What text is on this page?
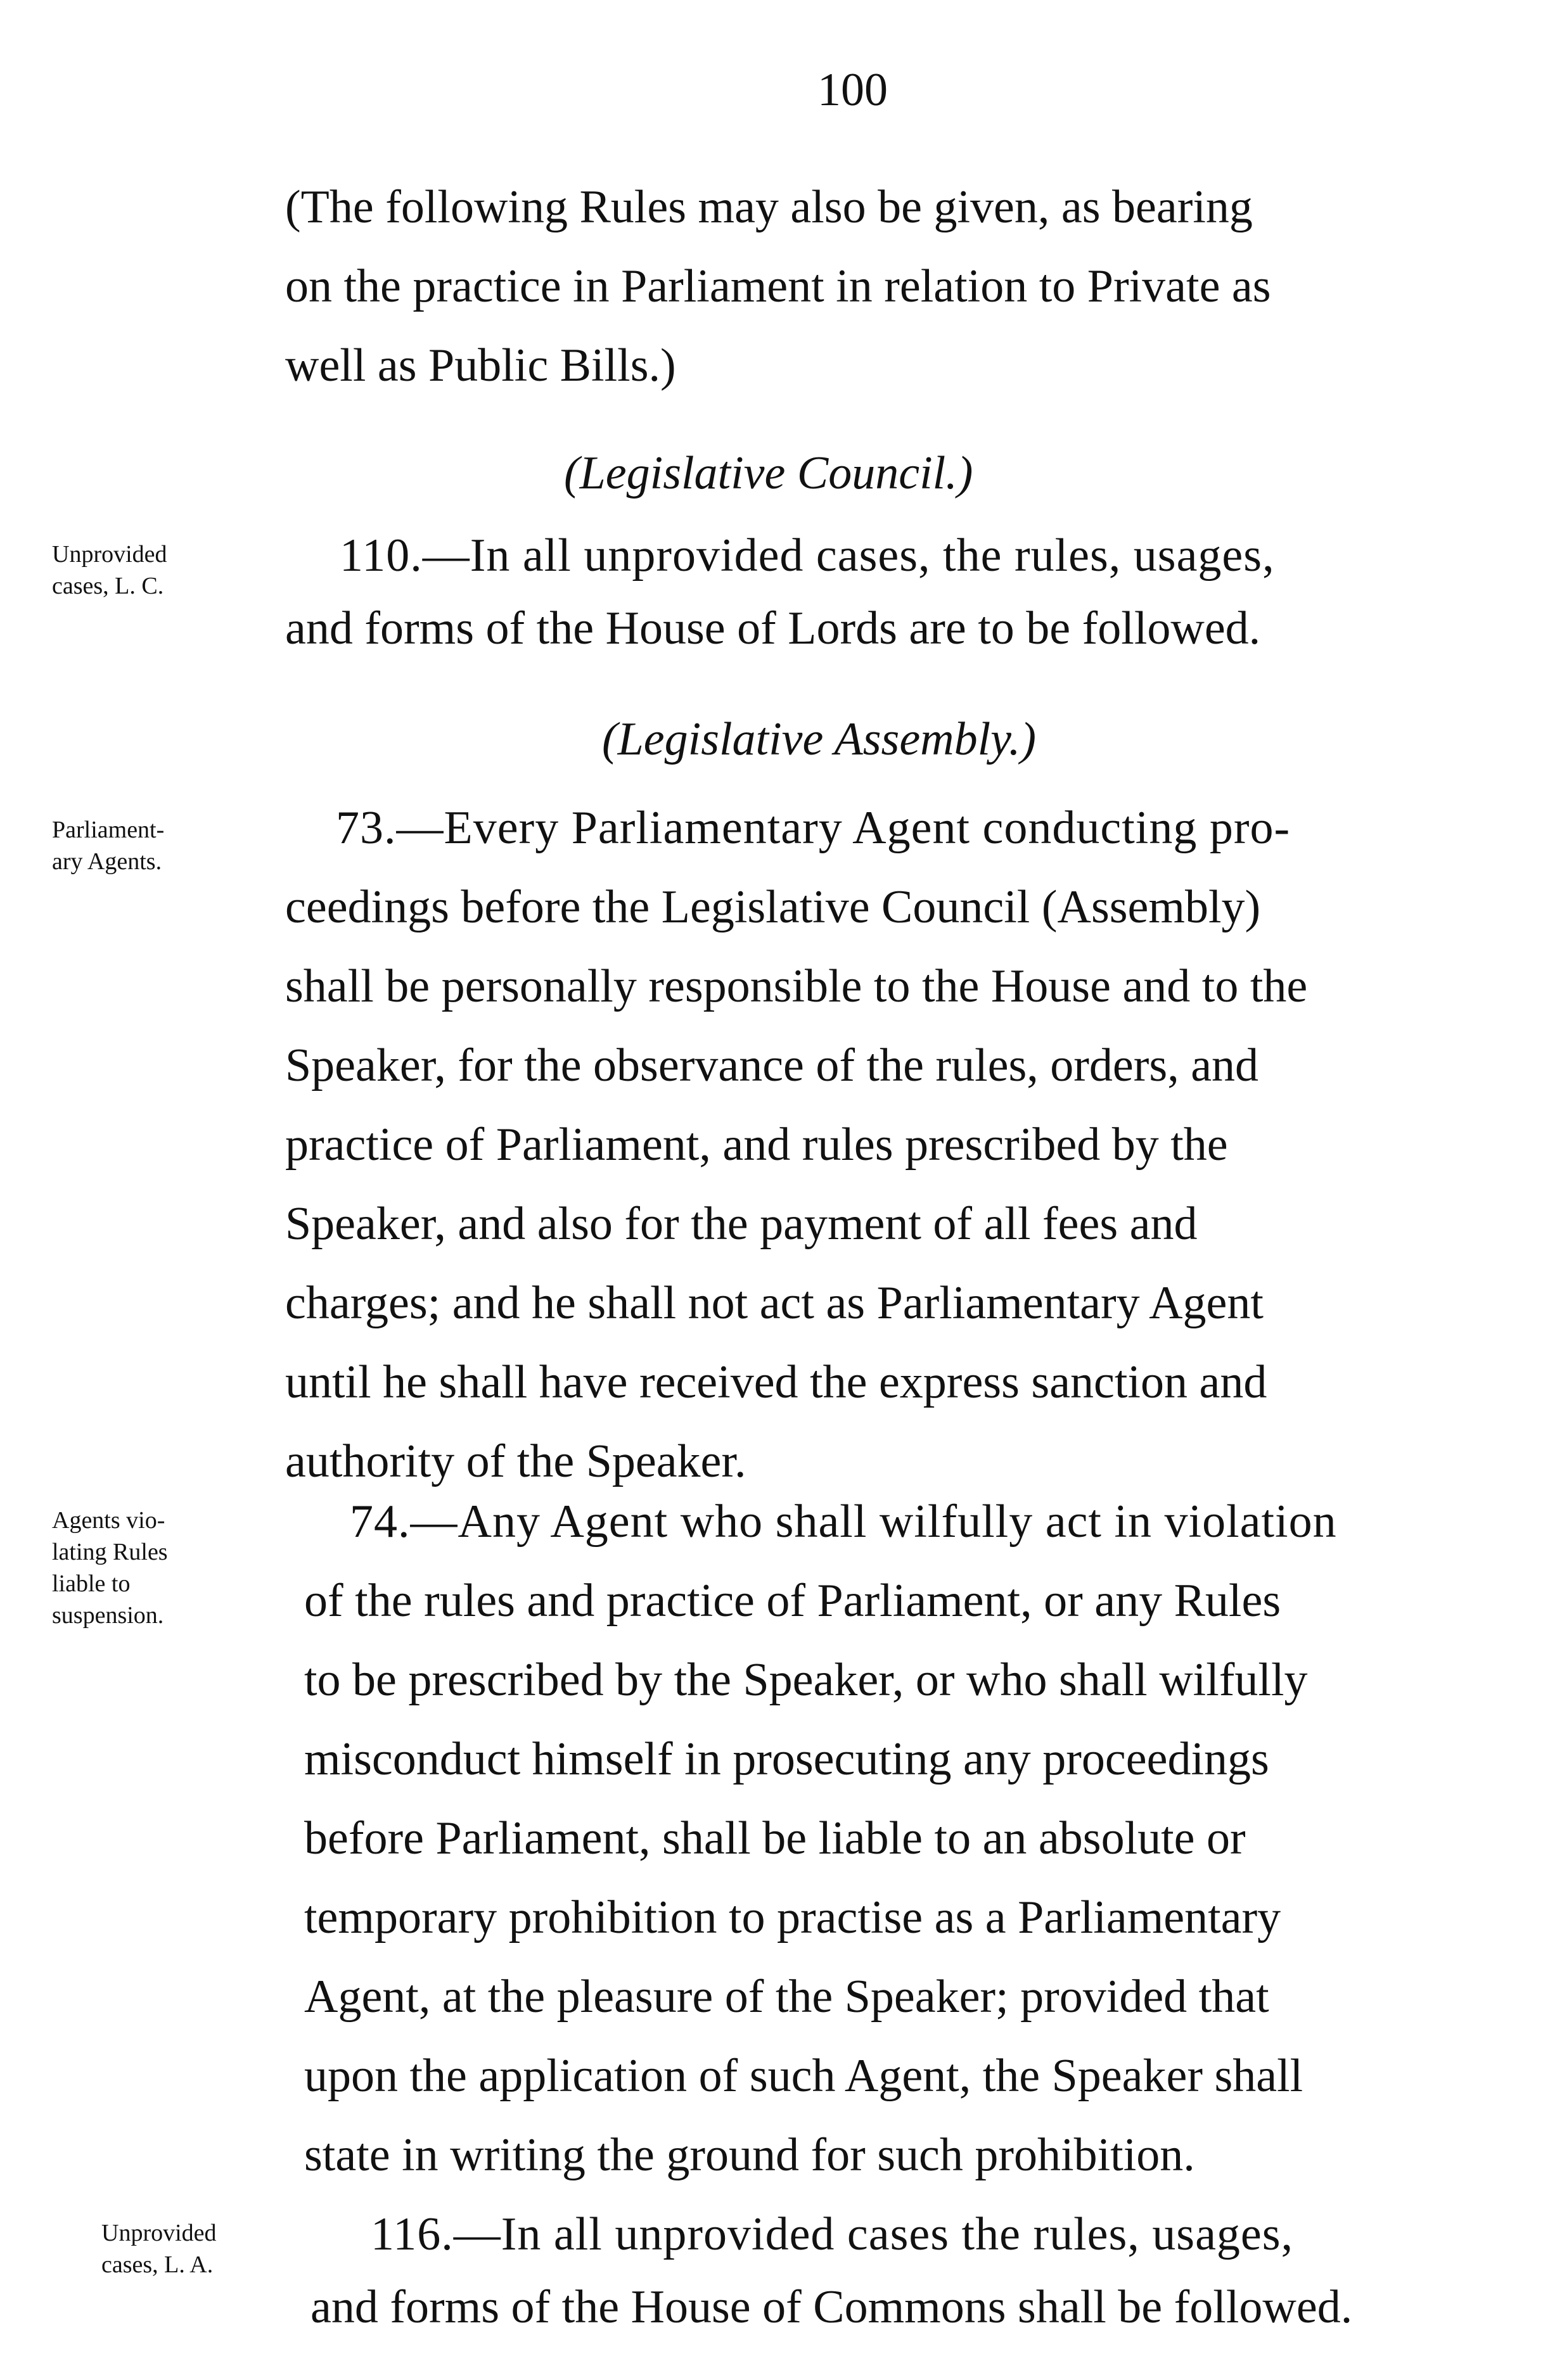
100
(The following Rules may also be given, as bearing
on the practice in Parliament in relation to Private as
well as Public Bills.)
(Legislative Council.)
Unprovided
cases, L. C.
110.—In all unprovided cases, the rules, usages,
and forms of the House of Lords are to be followed.
(Legislative Assembly.)
Parliament-
ary Agents.
73.—Every Parliamentary Agent conducting pro-
ceedings before the Legislative Council (Assembly)
shall be personally responsible to the House and to the
Speaker, for the observance of the rules, orders, and
practice of Parliament, and rules prescribed by the
Speaker, and also for the payment of all fees and
charges; and he shall not act as Parliamentary Agent
until he shall have received the express sanction and
authority of the Speaker.
Agents vio-
lating Rules
liable to
suspension.
74.—Any Agent who shall wilfully act in violation
of the rules and practice of Parliament, or any Rules
to be prescribed by the Speaker, or who shall wilfully
misconduct himself in prosecuting any proceedings
before Parliament, shall be liable to an absolute or
temporary prohibition to practise as a Parliamentary
Agent, at the pleasure of the Speaker; provided that
upon the application of such Agent, the Speaker shall
state in writing the ground for such prohibition.
Unprovided
cases, L. A.
116.—In all unprovided cases the rules, usages,
and forms of the House of Commons shall be followed.
